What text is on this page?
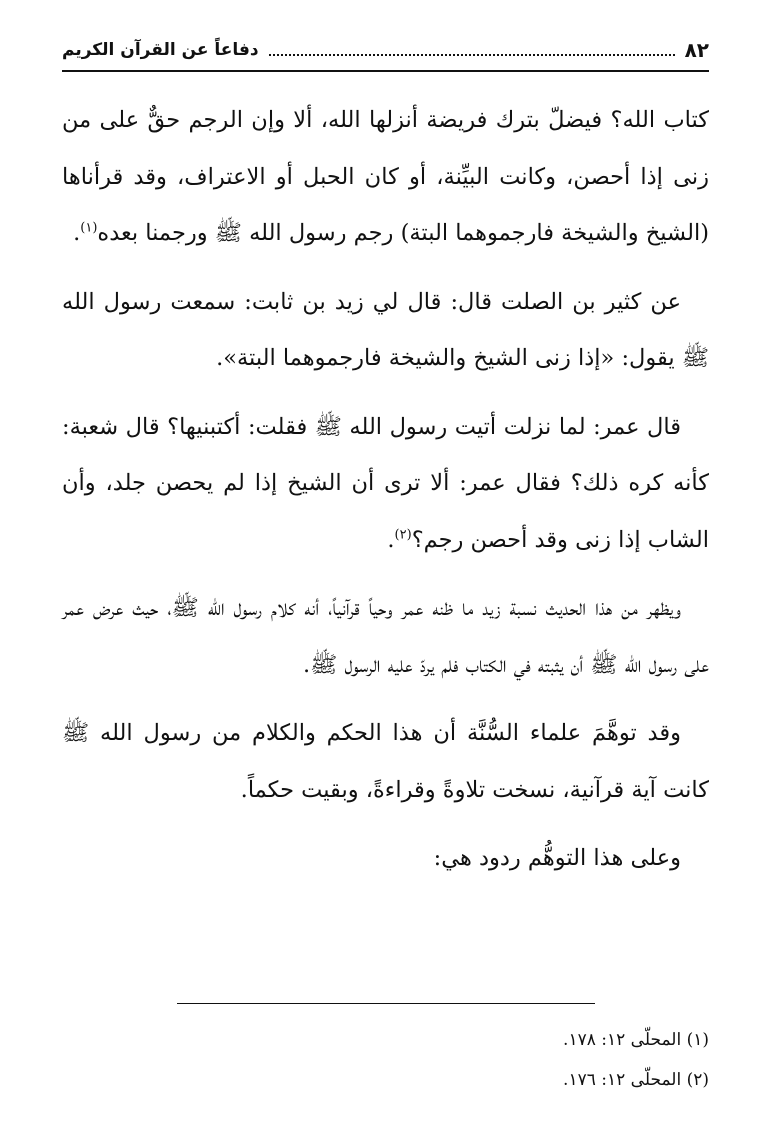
٨٢
دفاعاً عن القرآن الكريم

كتاب الله؟ فيضلّ بترك فريضة أنزلها الله، ألا وإن الرجم حقٌّ على من زنى إذا أحصن، وكانت البيِّنة، أو كان الحبل أو الاعتراف، وقد قرأناها (الشيخ والشيخة فارجموهما البتة) رجم رسول الله ﷺ ورجمنا بعده$^{(١)}$.

عن كثير بن الصلت قال: قال لي زيد بن ثابت: سمعت رسول الله ﷺ يقول: «إذا زنى الشيخ والشيخة فارجموهما البتة».

قال عمر: لما نزلت أتيت رسول الله ﷺ فقلت: أكتبنيها؟ قال شعبة: كأنه كره ذلك؟ فقال عمر: ألا ترى أن الشيخ إذا لم يحصن جلد، وأن الشاب إذا زنى وقد أحصن رجم؟$^{(٢)}$.

ويظهر من هذا الحديث نسبة زيد ما ظنه عمر وحياً قرآنياً، أنه كلام رسول الله ﷺ، حيث عرض عمر على رسول الله ﷺ أن يثبته في الكتاب فلم يردّ عليه الرسول ﷺ.

وقد توهَّمَ علماء السُّنَّة أن هذا الحكم والكلام من رسول الله ﷺ كانت آية قرآنية، نسخت تلاوةً وقراءةً، وبقيت حكماً.

وعلى هذا التوهُّم ردود هي:

(١) المحلّى ١٢: ١٧٨.

(٢) المحلّى ١٢: ١٧٦.
